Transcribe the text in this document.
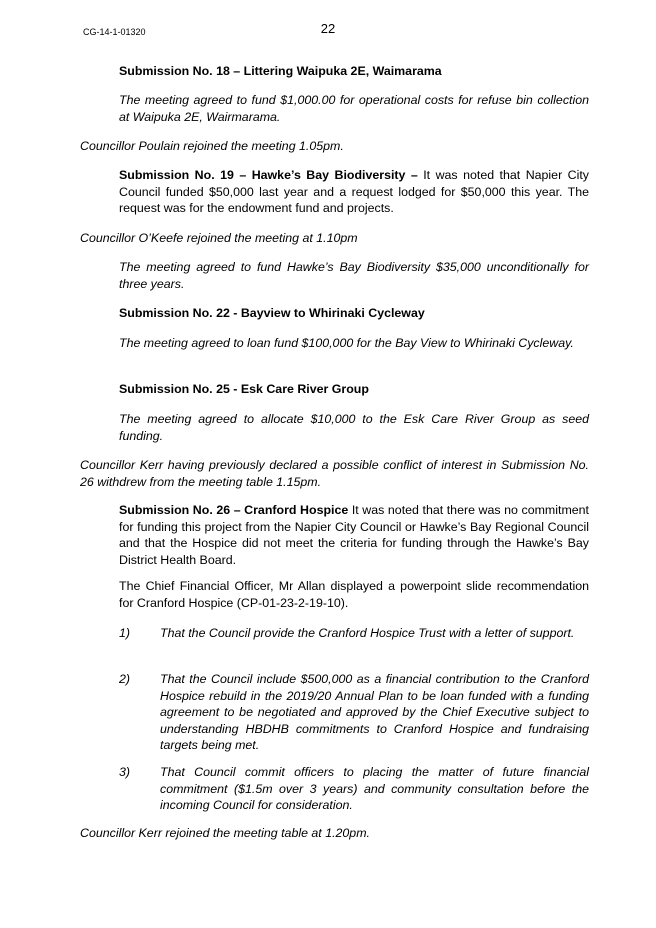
CG-14-1-01320	22

Submission No. 18 – Littering Waipuka 2E, Waimarama

The meeting agreed to fund $1,000.00 for operational costs for refuse bin collection at Waipuka 2E, Wairmarama.

Councillor Poulain rejoined the meeting 1.05pm.

Submission No. 19 – Hawke’s Bay Biodiversity – It was noted that Napier City Council funded $50,000 last year and a request lodged for $50,000 this year. The request was for the endowment fund and projects.

Councillor O’Keefe rejoined the meeting at 1.10pm

The meeting agreed to fund Hawke’s Bay Biodiversity $35,000 unconditionally for three years.

Submission No. 22 - Bayview to Whirinaki Cycleway

The meeting agreed to loan fund $100,000 for the Bay View to Whirinaki Cycleway.

Submission No. 25 - Esk Care River Group

The meeting agreed to allocate $10,000 to the Esk Care River Group as seed funding.

Councillor Kerr having previously declared a possible conflict of interest in Submission No. 26 withdrew from the meeting table 1.15pm.

Submission No. 26 – Cranford Hospice It was noted that there was no commitment for funding this project from the Napier City Council or Hawke’s Bay Regional Council and that the Hospice did not meet the criteria for funding through the Hawke’s Bay District Health Board.

The Chief Financial Officer, Mr Allan displayed a powerpoint slide recommendation for Cranford Hospice (CP-01-23-2-19-10).

1) That the Council provide the Cranford Hospice Trust with a letter of support.

2) That the Council include $500,000 as a financial contribution to the Cranford Hospice rebuild in the 2019/20 Annual Plan to be loan funded with a funding agreement to be negotiated and approved by the Chief Executive subject to understanding HBDHB commitments to Cranford Hospice and fundraising targets being met.

3) That Council commit officers to placing the matter of future financial commitment ($1.5m over 3 years) and community consultation before the incoming Council for consideration.

Councillor Kerr rejoined the meeting table at 1.20pm.
